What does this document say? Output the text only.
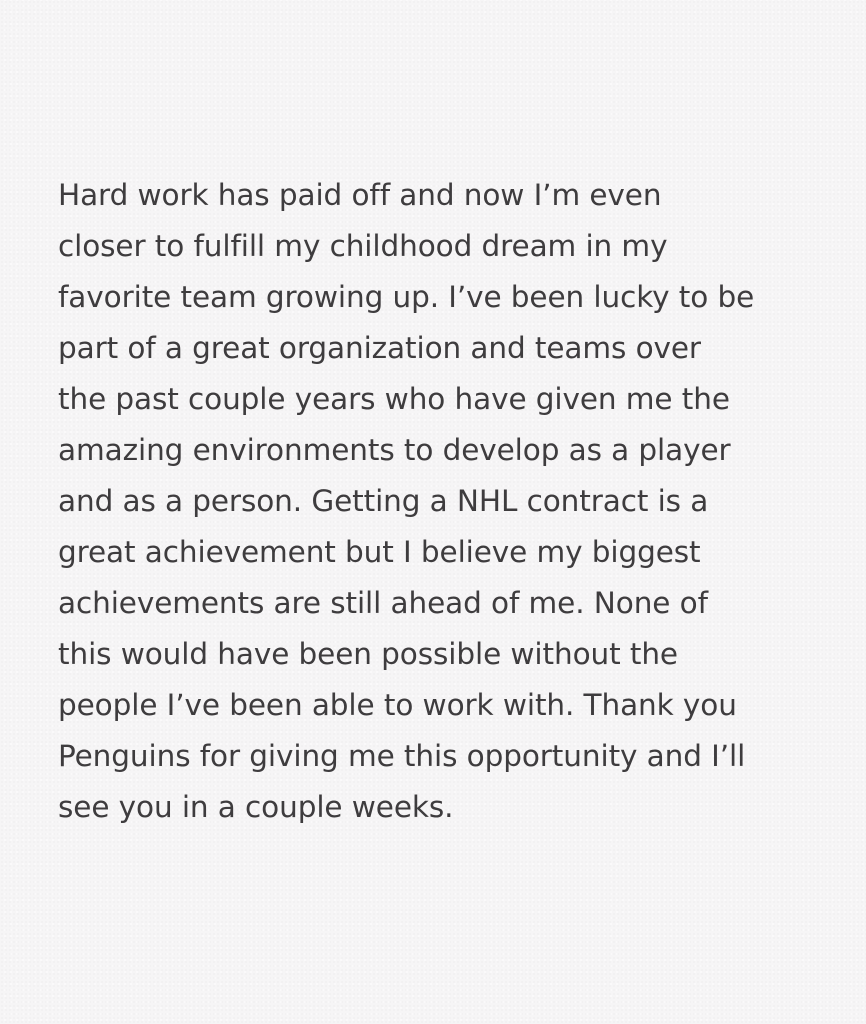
Hard work has paid off and now I’m even
closer to fulfill my childhood dream in my
favorite team growing up. I’ve been lucky to be
part of a great organization and teams over
the past couple years who have given me the
amazing environments to develop as a player
and as a person. Getting a NHL contract is a
great achievement but I believe my biggest
achievements are still ahead of me. None of
this would have been possible without the
people I’ve been able to work with. Thank you
Penguins for giving me this opportunity and I’ll
see you in a couple weeks.
